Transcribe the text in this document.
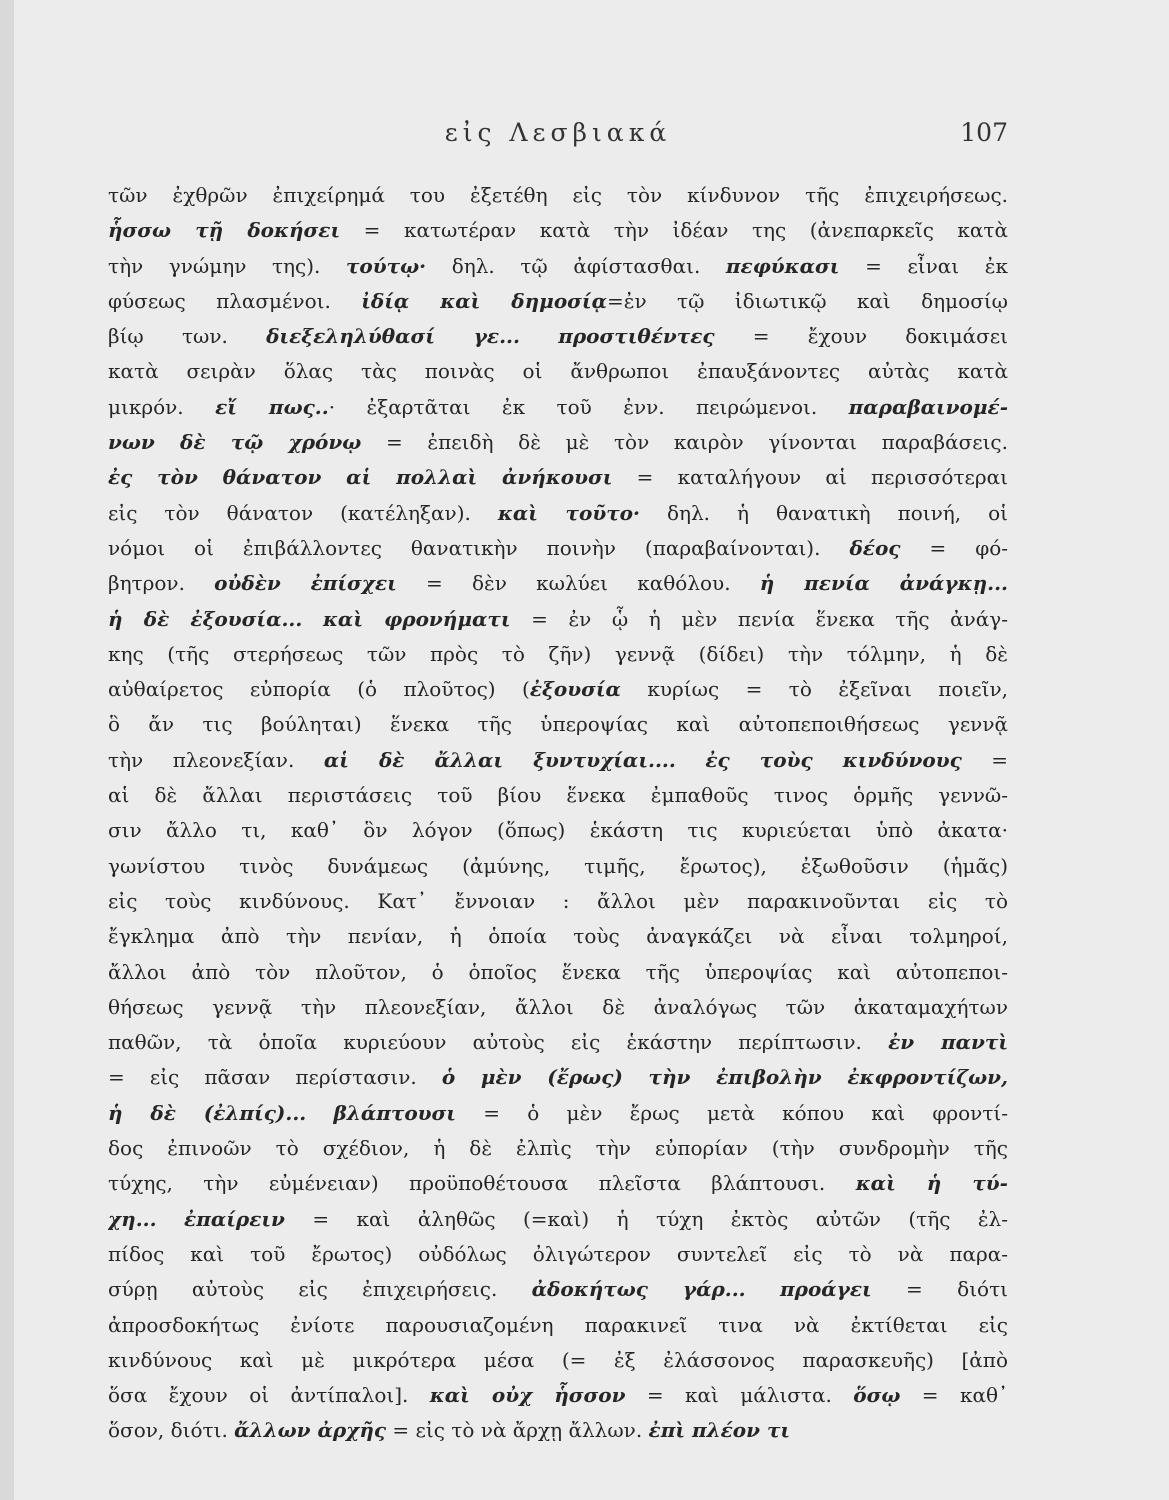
εἰς Λεσβιακά	107
τῶν ἐχθρῶν ἐπιχείρημά του ἐξετέθη εἰς τὸν κίνδυνον τῆς ἐπιχειρήσεως.
ἧσσω τῇ δοκήσει = κατωτέραν κατὰ τὴν ἰδέαν της (ἀνεπαρκεῖς κατὰ
τὴν γνώμην της). τούτῳ· δηλ. τῷ ἀφίστασθαι. πεφύκασι = εἶναι ἐκ
φύσεως πλασμένοι. ἰδίᾳ καὶ δημοσίᾳ=ἐν τῷ ἰδιωτικῷ καὶ δημοσίῳ
βίῳ των. διεξεληλύθασί γε... προστιθέντες = ἔχουν δοκιμάσει
κατὰ σειρὰν ὅλας τὰς ποινὰς οἱ ἄνθρωποι ἐπαυξάνοντες αὐτὰς κατὰ
μικρόν. εἴ πως..· ἐξαρτᾶται ἐκ τοῦ ἐνν. πειρώμενοι. παραβαινομέ-
νων δὲ τῷ χρόνῳ = ἐπειδὴ δὲ μὲ τὸν καιρὸν γίνονται παραβάσεις.
ἐς τὸν θάνατον αἱ πολλαὶ ἀνήκουσι = καταλήγουν αἱ περισσότεραι
εἰς τὸν θάνατον (κατέληξαν). καὶ τοῦτο· δηλ. ἡ θανατικὴ ποινή, οἱ
νόμοι οἱ ἐπιβάλλοντες θανατικὴν ποινὴν (παραβαίνονται). δέος = φό-
βητρον. οὐδὲν ἐπίσχει = δὲν κωλύει καθόλου. ἡ πενία ἀνάγκῃ...
ἡ δὲ ἐξουσία... καὶ φρονήματι = ἐν ᾧ ἡ μὲν πενία ἕνεκα τῆς ἀνάγ-
κης (τῆς στερήσεως τῶν πρὸς τὸ ζῆν) γεννᾷ (δίδει) τὴν τόλμην, ἡ δὲ
αὐθαίρετος εὐπορία (ὁ πλοῦτος) (ἐξουσία κυρίως = τὸ ἐξεῖναι ποιεῖν,
ὃ ἄν τις βούληται) ἕνεκα τῆς ὑπεροψίας καὶ αὐτοπεποιθήσεως γεννᾷ
τὴν πλεονεξίαν. αἱ δὲ ἄλλαι ξυντυχίαι.... ἐς τοὺς κινδύνους =
αἱ δὲ ἄλλαι περιστάσεις τοῦ βίου ἕνεκα ἐμπαθοῦς τινος ὁρμῆς γεννῶ-
σιν ἄλλο τι, καθ᾽ ὃν λόγον (ὅπως) ἑκάστη τις κυριεύεται ὑπὸ ἀκατα·
γωνίστου τινὸς δυνάμεως (ἀμύνης, τιμῆς, ἔρωτος), ἐξωθοῦσιν (ἡμᾶς)
εἰς τοὺς κινδύνους. Κατ᾽ ἔννοιαν : ἄλλοι μὲν παρακινοῦνται εἰς τὸ
ἔγκλημα ἀπὸ τὴν πενίαν, ἡ ὁποία τοὺς ἀναγκάζει νὰ εἶναι τολμηροί,
ἄλλοι ἀπὸ τὸν πλοῦτον, ὁ ὁποῖος ἕνεκα τῆς ὑπεροψίας καὶ αὐτοπεποι-
θήσεως γεννᾷ τὴν πλεονεξίαν, ἄλλοι δὲ ἀναλόγως τῶν ἀκαταμαχήτων
παθῶν, τὰ ὁποῖα κυριεύουν αὐτοὺς εἰς ἑκάστην περίπτωσιν. ἐν παντὶ
= εἰς πᾶσαν περίστασιν. ὁ μὲν (ἔρως) τὴν ἐπιβολὴν ἐκφροντίζων,
ἡ δὲ (ἐλπίς)... βλάπτουσι = ὁ μὲν ἔρως μετὰ κόπου καὶ φροντί-
δος ἐπινοῶν τὸ σχέδιον, ἡ δὲ ἐλπὶς τὴν εὐπορίαν (τὴν συνδρομὴν τῆς
τύχης, τὴν εὐμένειαν) προϋποθέτουσα πλεῖστα βλάπτουσι. καὶ ἡ τύ-
χη... ἐπαίρειν = καὶ ἀληθῶς (=καὶ) ἡ τύχη ἐκτὸς αὐτῶν (τῆς ἐλ-
πίδος καὶ τοῦ ἔρωτος) οὐδόλως ὀλιγώτερον συντελεῖ εἰς τὸ νὰ παρα-
σύρῃ αὐτοὺς εἰς ἐπιχειρήσεις. ἀδοκήτως γάρ... προάγει = διότι
ἀπροσδοκήτως ἐνίοτε παρουσιαζομένη παρακινεῖ τινα νὰ ἐκτίθεται εἰς
κινδύνους καὶ μὲ μικρότερα μέσα (= ἐξ ἐλάσσονος παρασκευῆς) [ἀπὸ
ὅσα ἔχουν οἱ ἀντίπαλοι]. καὶ οὐχ ἧσσον = καὶ μάλιστα. ὅσῳ = καθ᾽
ὅσον, διότι. ἄλλων ἀρχῆς = εἰς τὸ νὰ ἄρχῃ ἄλλων. ἐπὶ πλέον τι
